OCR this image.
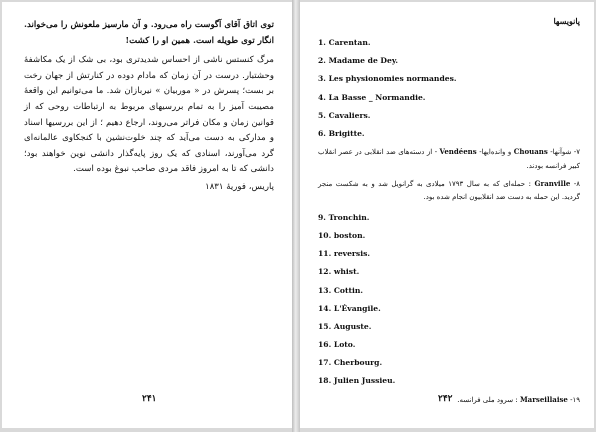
توی اتاق آقای آگوست راه می‌رود. و آن مارسیز ملعونش را می‌خواند. انگار توی طویله است. همین او را کشت!

مرگ کنستس ناشی از احساس شدیدتری بود، بی شک از یک مکاشفهٔ وحشتبار. درست در آن زمان که مادام دوده در کنارتش از جهان رخت بر بست؛ پسرش در « موربیان » نیربازان شد. ما می‌توانیم این واقعهٔ مصیبت آمیز را به تمام بررسیهای مربوط به ارتباطات روحی که از قوانین زمان و مکان فراتر می‌روند، ارجاع دهیم ؛ از این بررسیها اسناد و مدارکی به دست می‌آید که چند خلوت‌نشین با کنجکاوی عالمانه‌ای گرد می‌آورند، اسنادی که یک روز پایه‌گذار دانشی نوین خواهند بود؛ دانشی که تا به امروز فاقد مردی صاحب نبوغ بوده است.

پاریس، فوریهٔ ۱۸۳۱
۲۴۱
پانویسها
1. Carentan.
2. Madame de Dey.
3. Les physionomies normandes.
4. La Basse _ Normandie.
5. Cavaliers.
6. Brigitte.
۷- شوآنها- Chouans و وانده‌ایها- Vendéens - از دسته‌های ضد انقلابی در عصر انقلاب کبیر فرانسه بودند.
۸- Granville : حمله‌ای که به سال ۱۷۹۳ میلادی به گرانویل شد و به شکست منجر گردید. این حمله به دست ضد انقلابیون انجام شده بود.
9. Tronchin.
10. boston.
11. reversis.
12. whist.
13. Cottin.
14. L'Évangile.
15. Auguste.
16. Loto.
17. Cherbourg.
18. Julien Jussieu.
۱۹- Marseillaise : سرود ملی فرانسه.
۲۴۲
